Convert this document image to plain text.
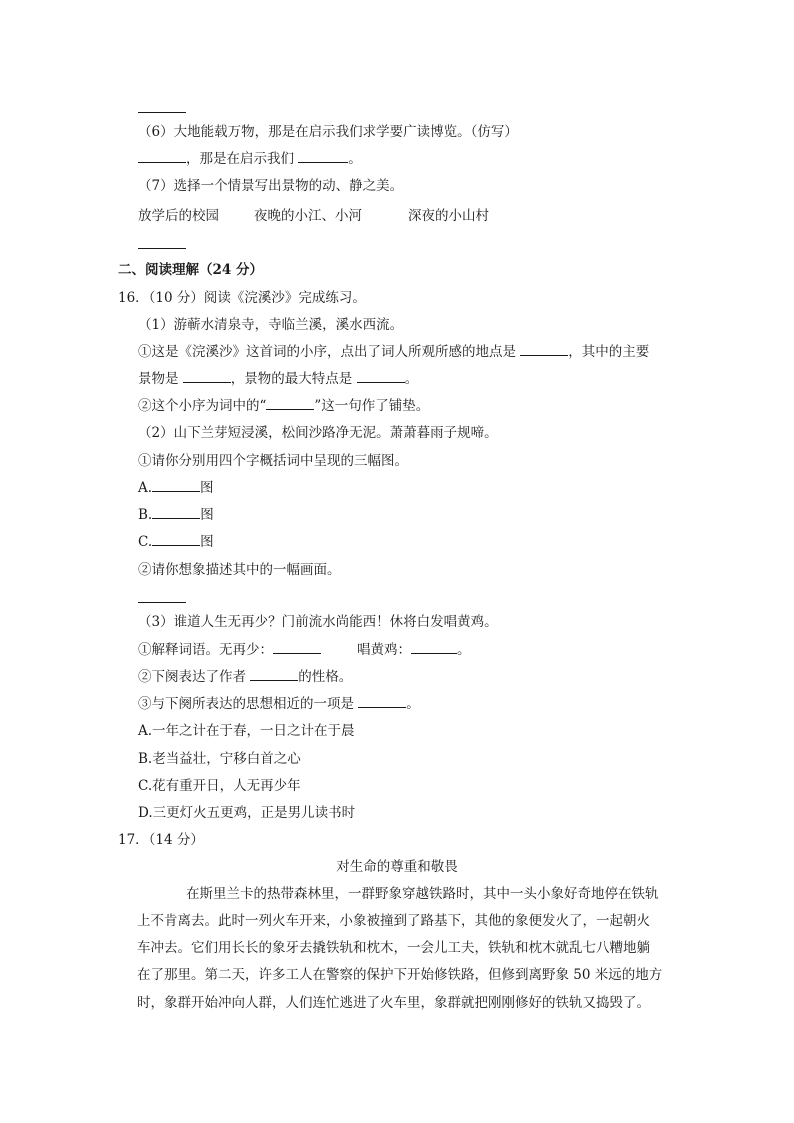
（6）大地能载万物，那是在启示我们求学要广读博览。（仿写）
，那是在启示我们	。
（7）选择一个情景写出景物的动、静之美。
放学后的校园	夜晚的小江、小河	深夜的小山村
二、阅读理解（24 分）
16．（10 分）阅读《浣溪沙》完成练习。
（1）游蕲水清泉寺，寺临兰溪，溪水西流。
①这是《浣溪沙》这首词的小序，点出了词人所观所感的地点是	，其中的主要
景物是	，景物的最大特点是	。
②这个小序为词中的“	”这一句作了铺垫。
（2）山下兰芽短浸溪，松间沙路净无泥。萧萧暮雨子规啼。
①请你分别用四个字概括词中呈现的三幅图。
A.	图
B.	图
C.	图
②请你想象描述其中的一幅画面。
（3）谁道人生无再少？门前流水尚能西！休将白发唱黄鸡。
①解释词语。无再少：	唱黄鸡：	。
②下阕表达了作者	的性格。
③与下阕所表达的思想相近的一项是	。
A.一年之计在于春，一日之计在于晨
B.老当益壮，宁移白首之心
C.花有重开日，人无再少年
D.三更灯火五更鸡，正是男儿读书时
17．（14 分）
对生命的尊重和敬畏
在斯里兰卡的热带森林里，一群野象穿越铁路时，其中一头小象好奇地停在铁轨
上不肯离去。此时一列火车开来，小象被撞到了路基下，其他的象便发火了，一起朝火
车冲去。它们用长长的象牙去撬铁轨和枕木，一会儿工夫，铁轨和枕木就乱七八糟地躺
在了那里。第二天，许多工人在警察的保护下开始修铁路，但修到离野象 50 米远的地方
时，象群开始冲向人群，人们连忙逃进了火车里，象群就把刚刚修好的铁轨又捣毁了。
